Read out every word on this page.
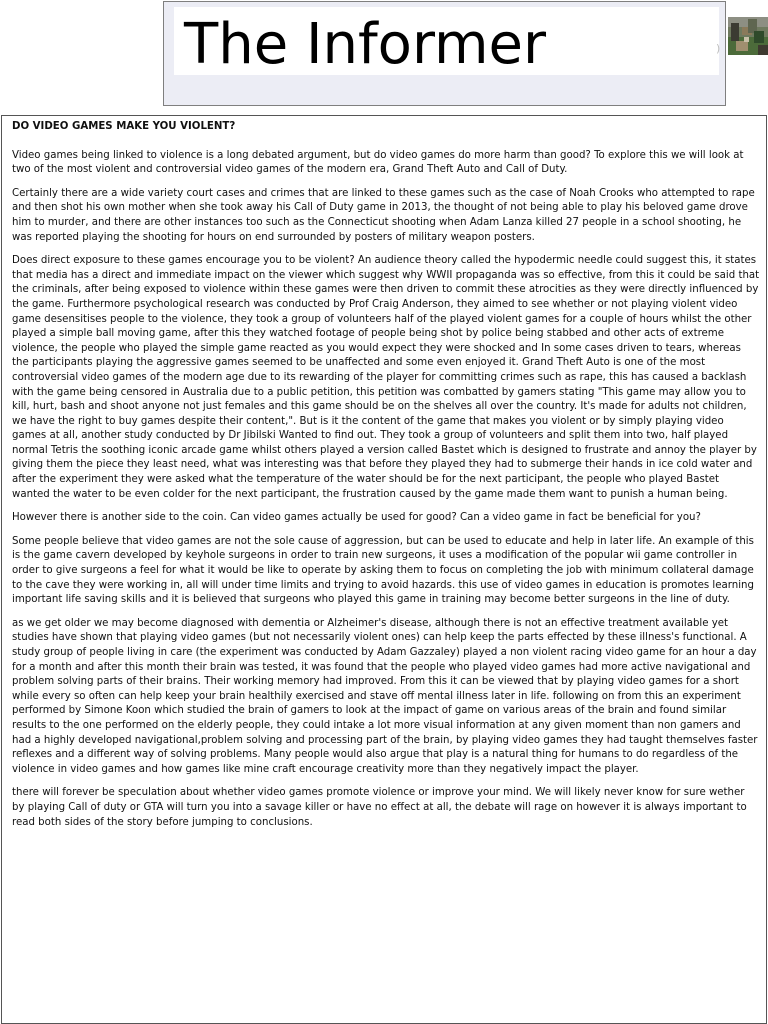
The Informer	)

DO VIDEO GAMES MAKE YOU VIOLENT?

Video games being linked to violence is a long debated argument, but do video games do more harm than good? To explore this we will look at two of the most violent and controversial video games of the modern era, Grand Theft Auto and Call of Duty.

Certainly there are a wide variety court cases and crimes that are linked to these games such as the case of Noah Crooks who attempted to rape and then shot his own mother when she took away his Call of Duty game in 2013, the thought of not being able to play his beloved game drove him to murder, and there are other instances too such as the Connecticut shooting when Adam Lanza killed 27 people in a school shooting, he was reported playing the shooting for hours on end surrounded by posters of military weapon posters.

Does direct exposure to these games encourage you to be violent? An audience theory called the hypodermic needle could suggest this, it states that media has a direct and immediate impact on the viewer which suggest why WWII propaganda was so effective, from this it could be said that the criminals, after being exposed to violence within these games were then driven to commit these atrocities as they were directly influenced by the game. Furthermore psychological research was conducted by Prof Craig Anderson, they aimed to see whether or not playing violent video game desensitises people to the violence, they took a group of volunteers half of the played violent games for a couple of hours whilst the other played a simple ball moving game, after this they watched footage of people being shot by police being stabbed and other acts of extreme violence, the people who played the simple game reacted as you would expect they were shocked and In some cases driven to tears, whereas the participants playing the aggressive games seemed to be unaffected and some even enjoyed it. Grand Theft Auto is one of the most controversial video games of the modern age due to its rewarding of the player for committing crimes such as rape, this has caused a backlash with the game being censored in Australia due to a public petition, this petition was combatted by gamers stating "This game may allow you to kill, hurt, bash and shoot anyone not just females and this game should be on the shelves all over the country. It's made for adults not children, we have the right to buy games despite their content,". But is it the content of the game that makes you violent or by simply playing video games at all, another study conducted by Dr Jibilski Wanted to find out. They took a group of volunteers and split them into two, half played normal Tetris the soothing iconic arcade game whilst others played a version called Bastet which is designed to frustrate and annoy the player by giving them the piece they least need, what was interesting was that before they played they had to submerge their hands in ice cold water and after the experiment they were asked what the temperature of the water should be for the next participant, the people who played Bastet wanted the water to be even colder for the next participant, the frustration caused by the game made them want to punish a human being.

However there is another side to the coin. Can video games actually be used for good? Can a video game in fact be beneficial for you?

Some people believe that video games are not the sole cause of aggression, but can be used to educate and help in later life. An example of this is the game cavern developed by keyhole surgeons in order to train new surgeons, it uses a modification of the popular wii game controller in order to give surgeons a feel for what it would be like to operate by asking them to focus on completing the job with minimum collateral damage to the cave they were working in, all will under time limits and trying to avoid hazards. this use of video games in education is promotes learning important life saving skills and it is believed that surgeons who played this game in training may become better surgeons in the line of duty.

as we get older we may become diagnosed with dementia or Alzheimer's disease, although there is not an effective treatment available yet studies have shown that playing video games (but not necessarily violent ones) can help keep the parts effected by these illness's functional. A study group of people living in care (the experiment was conducted by Adam Gazzaley) played a non violent racing video game for an hour a day for a month and after this month their brain was tested, it was found that the people who played video games had more active navigational and problem solving parts of their brains. Their working memory had improved. From this it can be viewed that by playing video games for a short while every so often can help keep your brain healthily exercised and stave off mental illness later in life. following on from this an experiment performed by Simone Koon which studied the brain of gamers to look at the impact of game on various areas of the brain and found similar results to the one performed on the elderly people, they could intake a lot more visual information at any given moment than non gamers and had a highly developed navigational,problem solving and processing part of the brain, by playing video games they had taught themselves faster reflexes and a different way of solving problems. Many people would also argue that play is a natural thing for humans to do regardless of the violence in video games and how games like mine craft encourage creativity more than they negatively impact the player.

there will forever be speculation about whether video games promote violence or improve your mind. We will likely never know for sure wether by playing Call of duty or GTA will turn you into a savage killer or have no effect at all, the debate will rage on however it is always important to read both sides of the story before jumping to conclusions.
